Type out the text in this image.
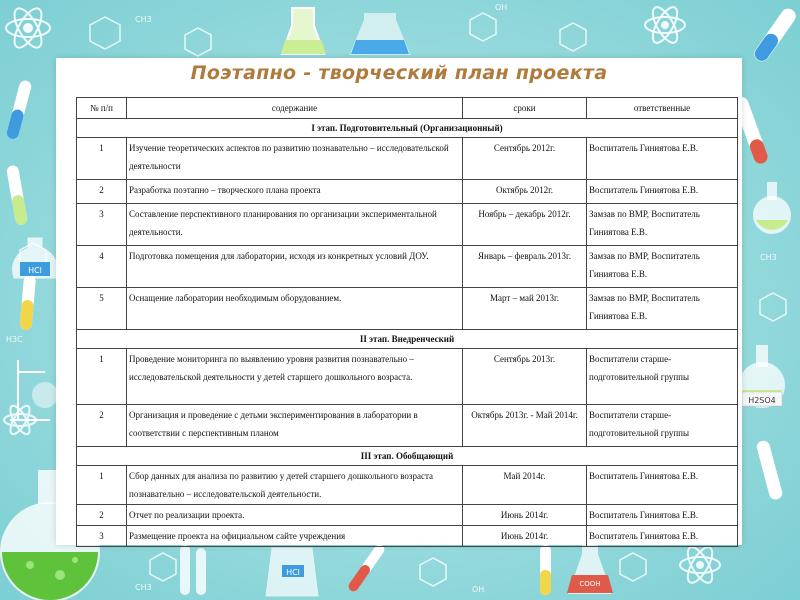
HCl
H2SO4
HCl
COOH
CH3
OH
H3C
CH3	OH
CH3
Поэтапно - творческий план проекта
№ п/п	содержание	сроки	ответственные
I этап. Подготовительный (Организационный)			
1	Изучение теоретических аспектов по развитию познавательно – исследовательской деятельности	Сентябрь 2012г.	Воспитатель Гиниятова Е.В.
2	Разработка поэтапно – творческого плана проекта	Октябрь 2012г.	Воспитатель Гиниятова Е.В.
3	Составление перспективного планирования по организации экспериментальной деятельности.	Ноябрь – декабрь 2012г.	Замзав по ВМР, Воспитатель Гиниятова Е.В.
4	Подготовка помещения для лаборатории, исходя из конкретных условий ДОУ.	Январь – февраль 2013г.	Замзав по ВМР, Воспитатель Гиниятова Е.В.
5	Оснащение лаборатории необходимым оборудованием.	Март – май 2013г.	Замзав по ВМР, Воспитатель Гиниятова Е.В.
II этап. Внедренческий			
1	Проведение мониторинга по выявлению уровня развития познавательно – исследовательской деятельности у детей старшего дошкольного возраста.	Сентябрь 2013г.	Воспитатели старше-подготовительной группы
2	Организация и проведение с детьми экспериментирования в лаборатории в соответствии с перспективным планом	Октябрь 2013г. - Май 2014г.	Воспитатели старше-подготовительной группы
III этап. Обобщающий			
1	Сбор данных для анализа по развитию у детей старшего дошкольного возраста познавательно – исследовательской деятельности.	Май 2014г.	Воспитатель Гиниятова Е.В.
2	Отчет по реализации проекта.	Июнь 2014г.	Воспитатель Гиниятова Е.В.
3	Размещение проекта на официальном сайте учреждения	Июнь 2014г.	Воспитатель Гиниятова Е.В.
